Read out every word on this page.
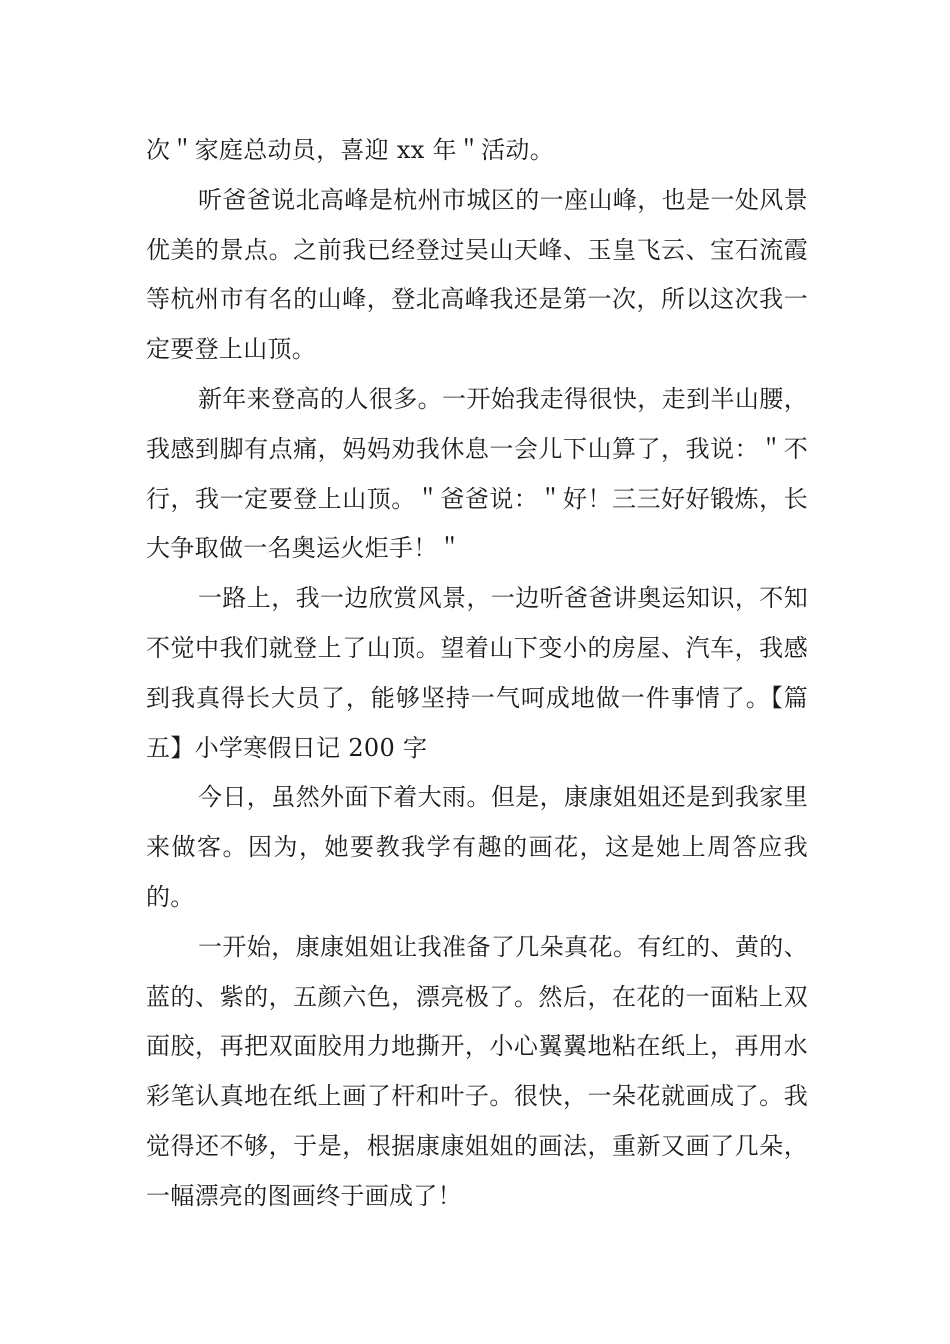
次＂家庭总动员，喜迎 xx 年＂活动。

听爸爸说北高峰是杭州市城区的一座山峰，也是一处风景优美的景点。之前我已经登过吴山天峰、玉皇飞云、宝石流霞等杭州市有名的山峰，登北高峰我还是第一次，所以这次我一定要登上山顶。

新年来登高的人很多。一开始我走得很快，走到半山腰，我感到脚有点痛，妈妈劝我休息一会儿下山算了，我说：＂不行，我一定要登上山顶。＂爸爸说：＂好！三三好好锻炼，长大争取做一名奥运火炬手！＂

一路上，我一边欣赏风景，一边听爸爸讲奥运知识，不知不觉中我们就登上了山顶。望着山下变小的房屋、汽车，我感到我真得长大员了，能够坚持一气呵成地做一件事情了。【篇五】小学寒假日记 200 字

今日，虽然外面下着大雨。但是，康康姐姐还是到我家里来做客。因为，她要教我学有趣的画花，这是她上周答应我的。

一开始，康康姐姐让我准备了几朵真花。有红的、黄的、蓝的、紫的，五颜六色，漂亮极了。然后，在花的一面粘上双面胶，再把双面胶用力地撕开，小心翼翼地粘在纸上，再用水彩笔认真地在纸上画了杆和叶子。很快，一朵花就画成了。我觉得还不够，于是，根据康康姐姐的画法，重新又画了几朵，一幅漂亮的图画终于画成了！
